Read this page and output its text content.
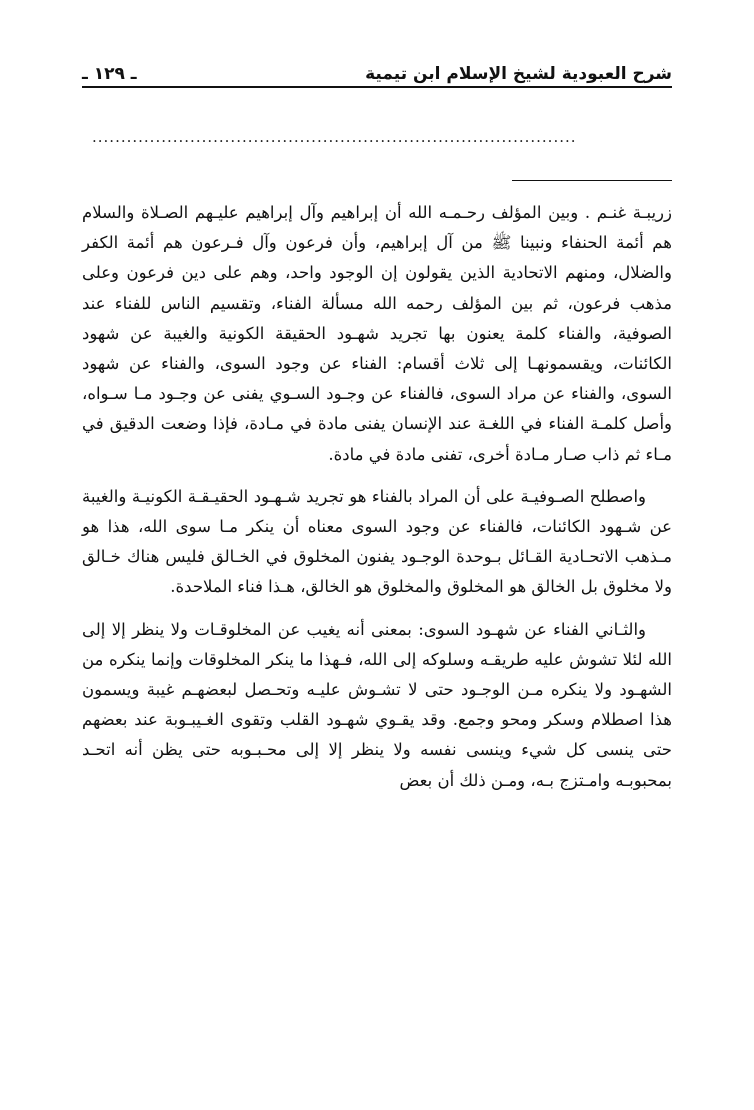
شرح العبودية لشيخ الإسلام ابن تيمية
ـ ١٢٩ ـ
....................................................................................

زريبـة غنـم . وبين المؤلف رحـمـه الله أن إبراهيم وآل إبراهيم عليـهم الصـلاة والسلام هم أئمة الحنفاء ونبينا ﷺ من آل إبراهيم، وأن فرعون وآل فـرعون هم أئمة الكفر والضلال، ومنهم الاتحادية الذين يقولون إن الوجود واحد، وهم على دين فرعون وعلى مذهب فرعون، ثم بين المؤلف رحمه الله مسألة الفناء، وتقسيم الناس للفناء عند الصوفية، والفناء كلمة يعنون بها تجريد شهـود الحقيقة الكونية والغيبة عن شهود الكائنات، ويقسمونهـا إلى ثلاث أقسام: الفناء عن وجود السوى، والفناء عن شهود السوى، والفناء عن مراد السوى، فالفناء عن وجـود السـوي يفنى عن وجـود مـا سـواه، وأصل كلمـة الفناء في اللغـة عند الإنسان يفنى مادة في مـادة، فإذا وضعت الدقيق في مـاء ثم ذاب صـار مـادة أخرى، تفنى مادة في مادة.

واصطلح الصـوفيـة على أن المراد بالفناء هو تجريد شـهـود الحقيـقـة الكونيـة والغيبة عن شـهود الكائنات، فالفناء عن وجود السوى معناه أن ينكر مـا سوى الله، هذا هو مـذهب الاتحـادية القـائل بـوحدة الوجـود يفنون المخلوق في الخـالق فليس هناك خـالق ولا مخلوق بل الخالق هو المخلوق والمخلوق هو الخالق، هـذا فناء الملاحدة.

والثـاني الفناء عن شهـود السوى: بمعنى أنه يغيب عن المخلوقـات ولا ينظر إلا إلى الله لئلا تشوش عليه طريقـه وسلوكه إلى الله، فـهذا ما ينكر المخلوقات وإنما ينكره من الشهـود ولا ينكره مـن الوجـود حتى لا تشـوش عليـه وتحـصل لبعضهـم غيبة ويسمون هذا اصطلام وسكر ومحو وجمع. وقد يقـوي شهـود القلب وتقوى الغـيبـوبة عند بعضهم حتى ينسى كل شيء وينسى نفسه ولا ينظر إلا إلى محـبـوبه حتى يظن أنه اتحـد بمحبوبـه وامـتزج بـه، ومـن ذلك أن بعض
